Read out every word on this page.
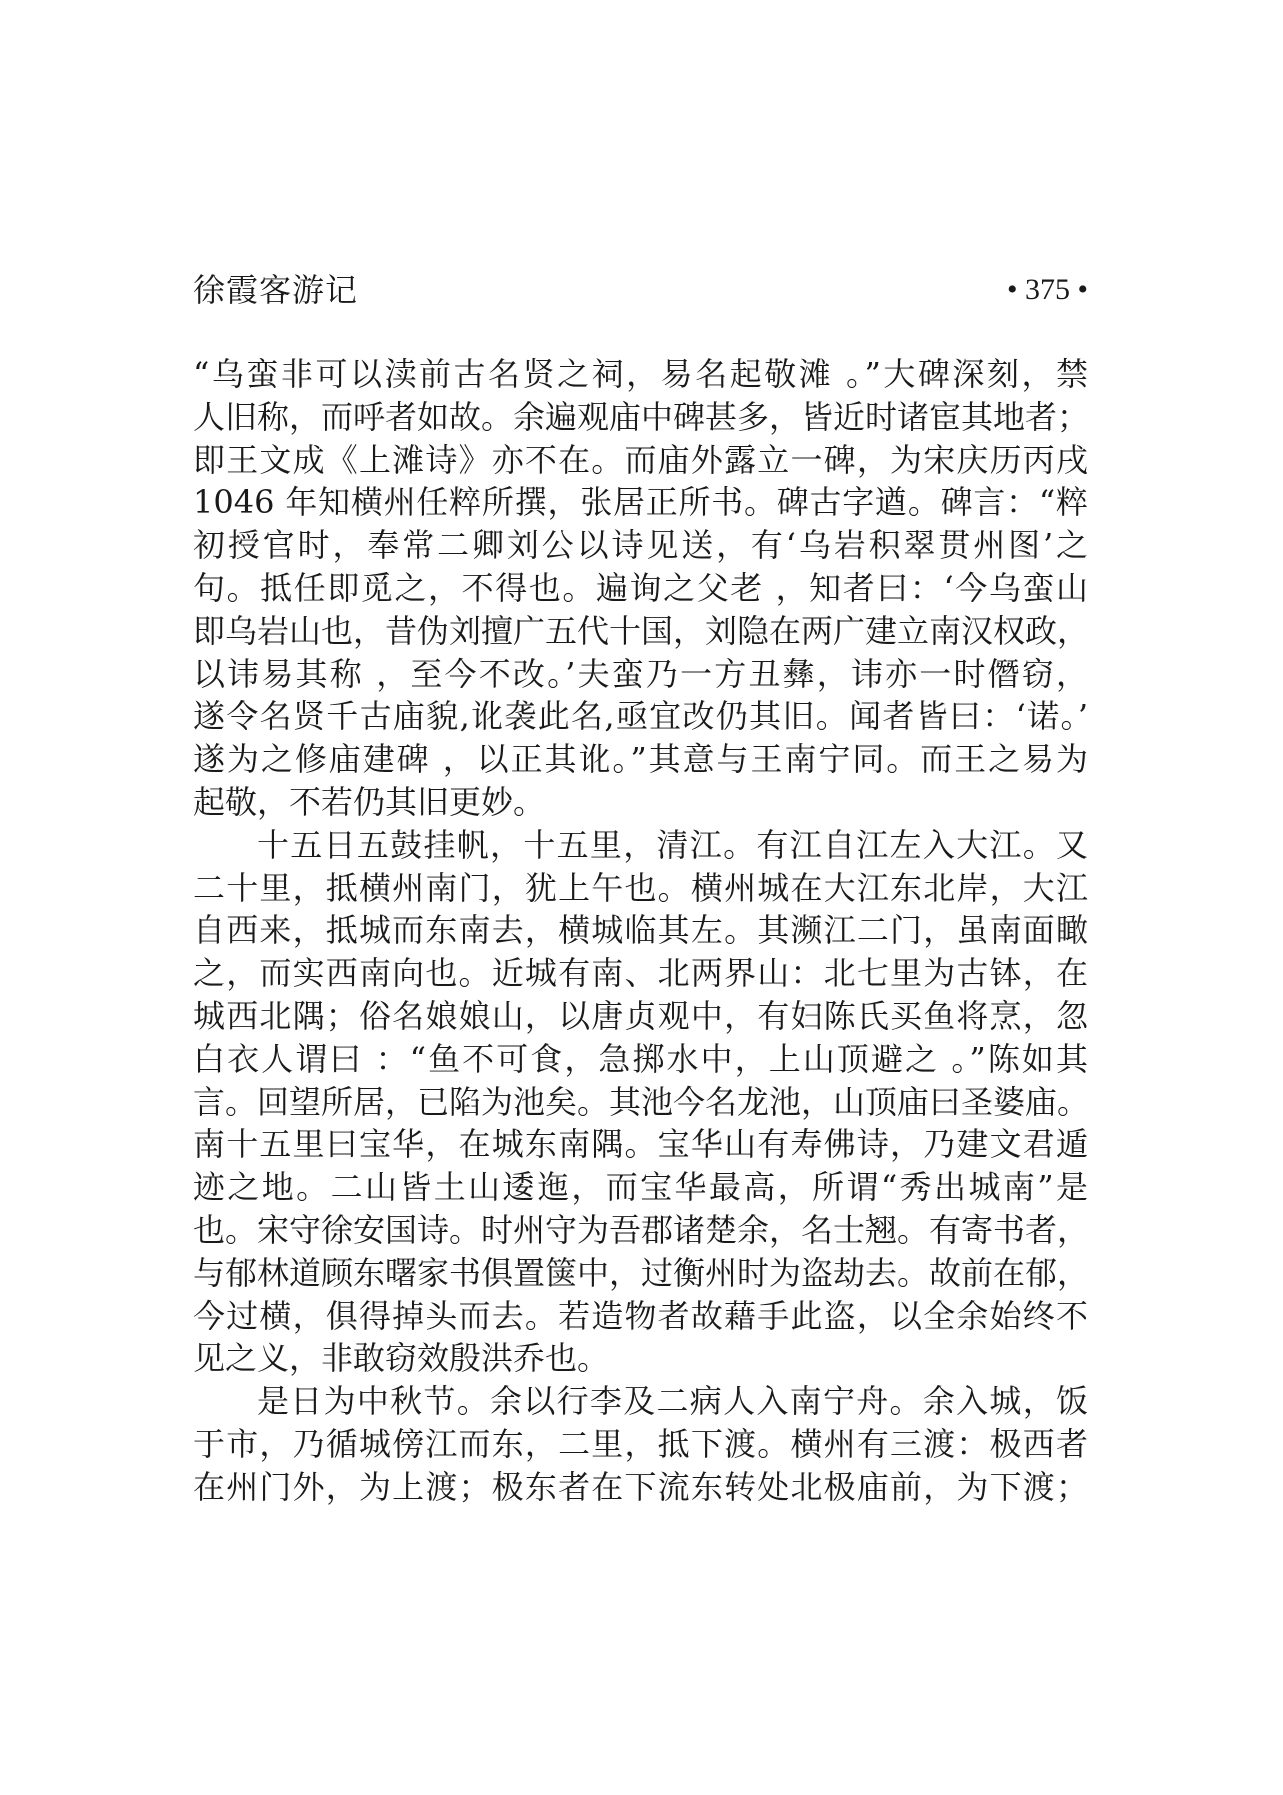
徐霞客游记	• 375 •
“乌蛮非可以渎前古名贤之祠，易名起敬滩 。”大碑深刻，禁
人旧称，而呼者如故。余遍观庙中碑甚多，皆近时诸宦其地者；
即王文成《上滩诗》亦不在。而庙外露立一碑，为宋庆历丙戌
1046 年知横州任粹所撰，张居正所书。碑古字遒。碑言：“粹
初授官时，奉常二卿刘公以诗见送，有‘乌岩积翠贯州图’之
句。抵任即觅之，不得也。遍询之父老 ，知者曰：‘今乌蛮山
即乌岩山也，昔伪刘擅广五代十国，刘隐在两广建立南汉权政，
以讳易其称 ，至今不改。’夫蛮乃一方丑彝，讳亦一时僭窃，
遂令名贤千古庙貌,讹袭此名,亟宜改仍其旧。闻者皆曰：‘诺。’
遂为之修庙建碑 ，以正其讹。”其意与王南宁同。而王之易为
起敬，不若仍其旧更妙。
十五日五鼓挂帆，十五里，清江。有江自江左入大江。又
二十里，抵横州南门，犹上午也。横州城在大江东北岸，大江
自西来，抵城而东南去，横城临其左。其濒江二门，虽南面瞰
之，而实西南向也。近城有南、北两界山：北七里为古钵，在
城西北隅；俗名娘娘山，以唐贞观中，有妇陈氏买鱼将烹，忽
白衣人谓曰 ：“鱼不可食，急掷水中，上山顶避之 。”陈如其
言。回望所居，已陷为池矣。其池今名龙池，山顶庙曰圣婆庙。
南十五里曰宝华，在城东南隅。宝华山有寿佛诗，乃建文君遁
迹之地。二山皆土山逶迤，而宝华最高，所谓“秀出城南”是
也。宋守徐安国诗。时州守为吾郡诸楚余，名士翘。有寄书者，
与郁林道顾东曙家书俱置箧中，过衡州时为盗劫去。故前在郁，
今过横，俱得掉头而去。若造物者故藉手此盗，以全余始终不
见之义，非敢窃效殷洪乔也。
是日为中秋节。余以行李及二病人入南宁舟。余入城，饭
于市，乃循城傍江而东，二里，抵下渡。横州有三渡：极西者
在州门外，为上渡；极东者在下流东转处北极庙前，为下渡；
